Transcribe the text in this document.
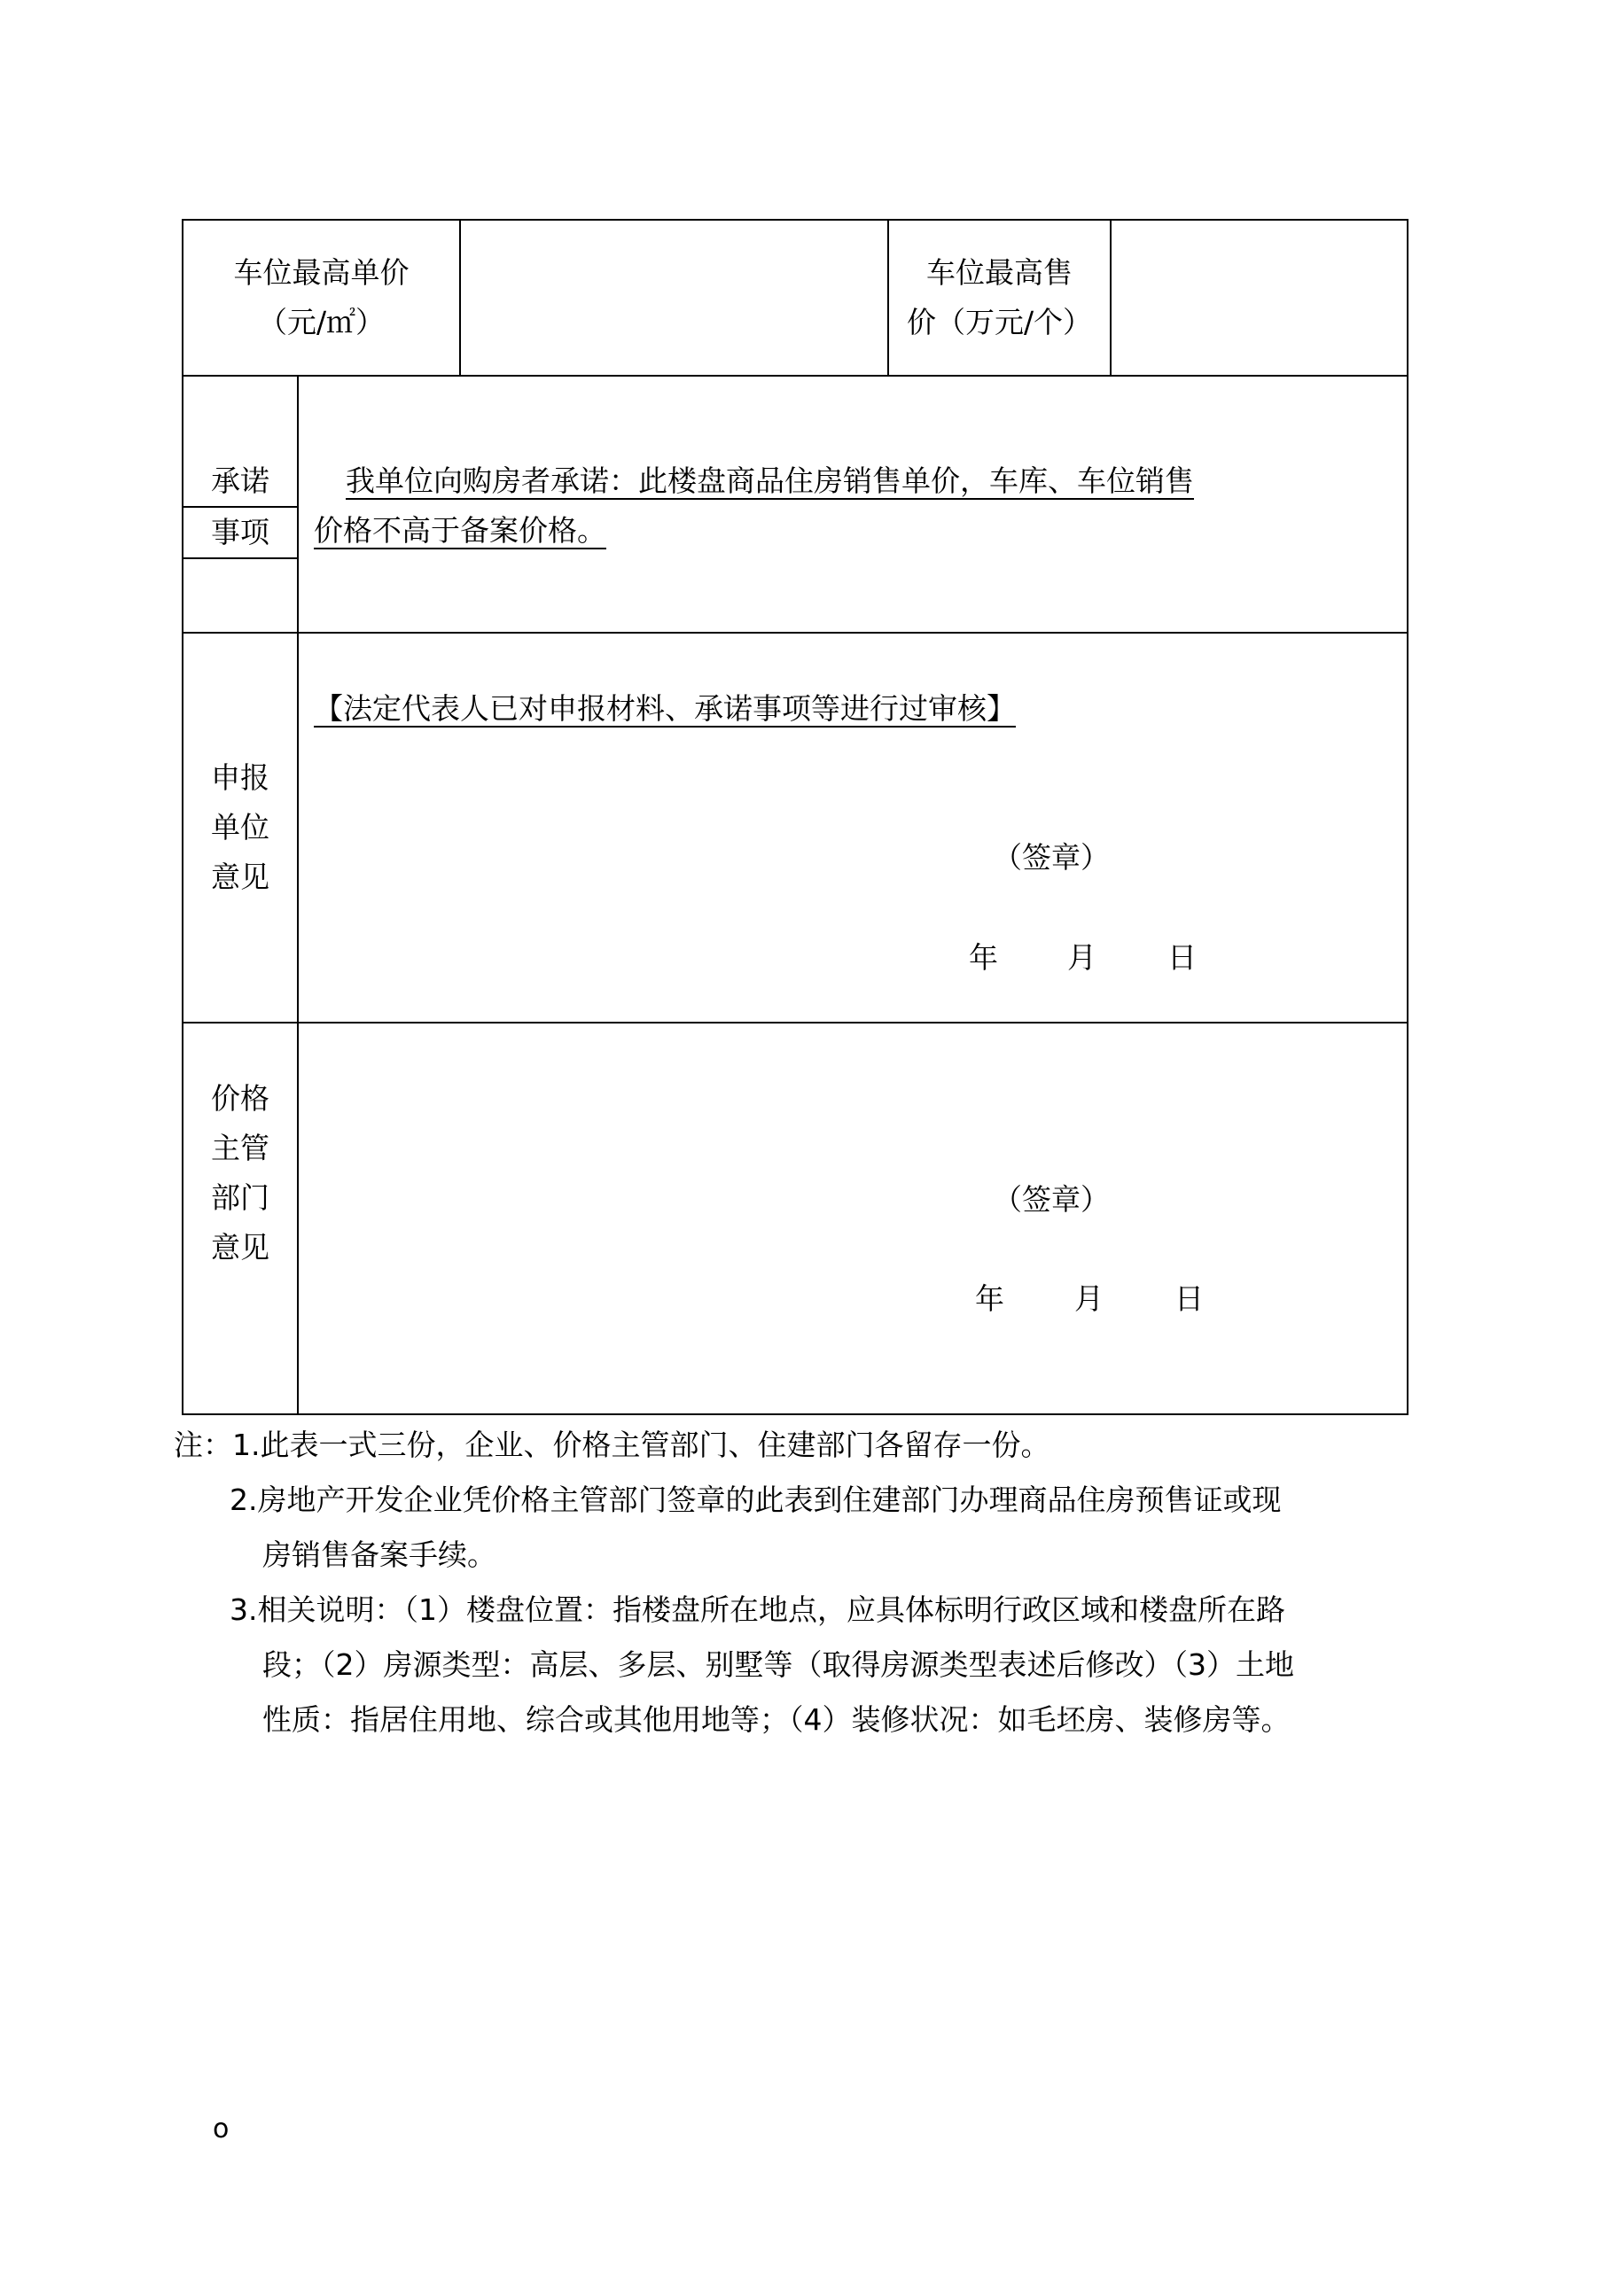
车位最高单价
（元/㎡）
车位最高售
价（万元/个）
承诺
事项
我单位向购房者承诺：此楼盘商品住房销售单价，车库、车位销售
价格不高于备案价格。
申报
单位
意见
【法定代表人已对申报材料、承诺事项等进行过审核】
（签章）
年 月 日
价格
主管
部门
意见
（签章）
年 月 日
注：1.此表一式三份，企业、价格主管部门、住建部门各留存一份。
2.房地产开发企业凭价格主管部门签章的此表到住建部门办理商品住房预售证或现
房销售备案手续。
3.相关说明：（1）楼盘位置：指楼盘所在地点，应具体标明行政区域和楼盘所在路
段；（2）房源类型：高层、多层、别墅等（取得房源类型表述后修改）（3）土地
性质：指居住用地、综合或其他用地等；（4）装修状况：如毛坯房、装修房等。
o
